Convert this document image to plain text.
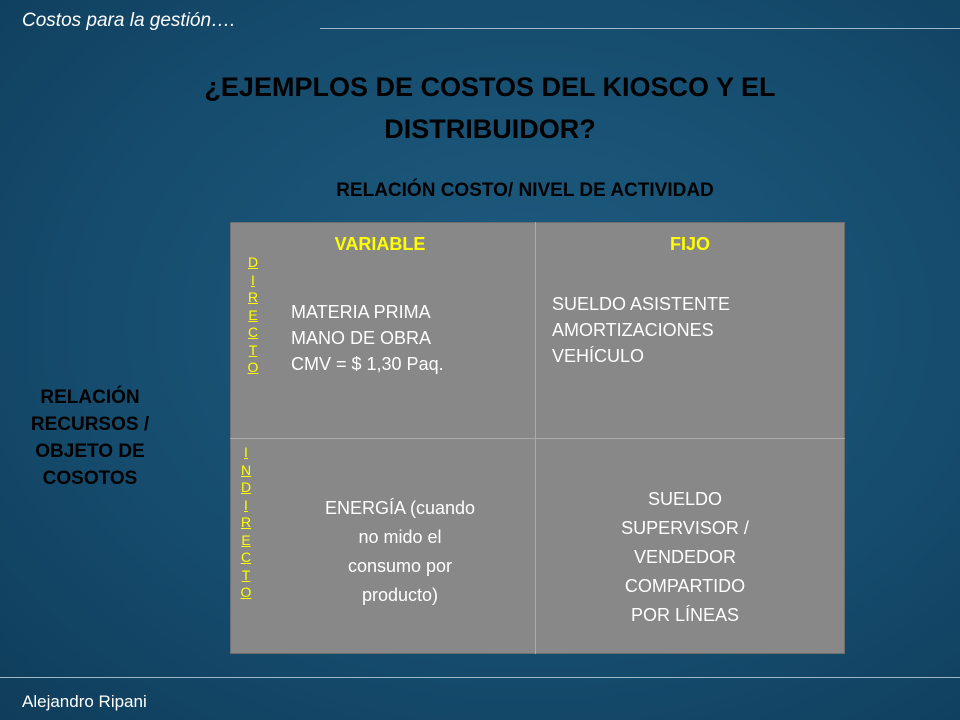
Costos para la gestión….
¿EJEMPLOS DE COSTOS DEL KIOSCO Y EL
DISTRIBUIDOR?
RELACIÓN COSTO/ NIVEL DE ACTIVIDAD
RELACIÓN
RECURSOS /
OBJETO DE
COSOTOS
VARIABLE	FIJO
D
I
R
E
C
T
O
I
N
D
I
R
E
C
T
O
MATERIA PRIMA
MANO DE OBRA
CMV = $ 1,30 Paq.
SUELDO ASISTENTE
AMORTIZACIONES
VEHÍCULO
ENERGÍA (cuando
no mido el
consumo por
producto)
SUELDO
SUPERVISOR /
VENDEDOR
COMPARTIDO
POR LÍNEAS
Alejandro Ripani
